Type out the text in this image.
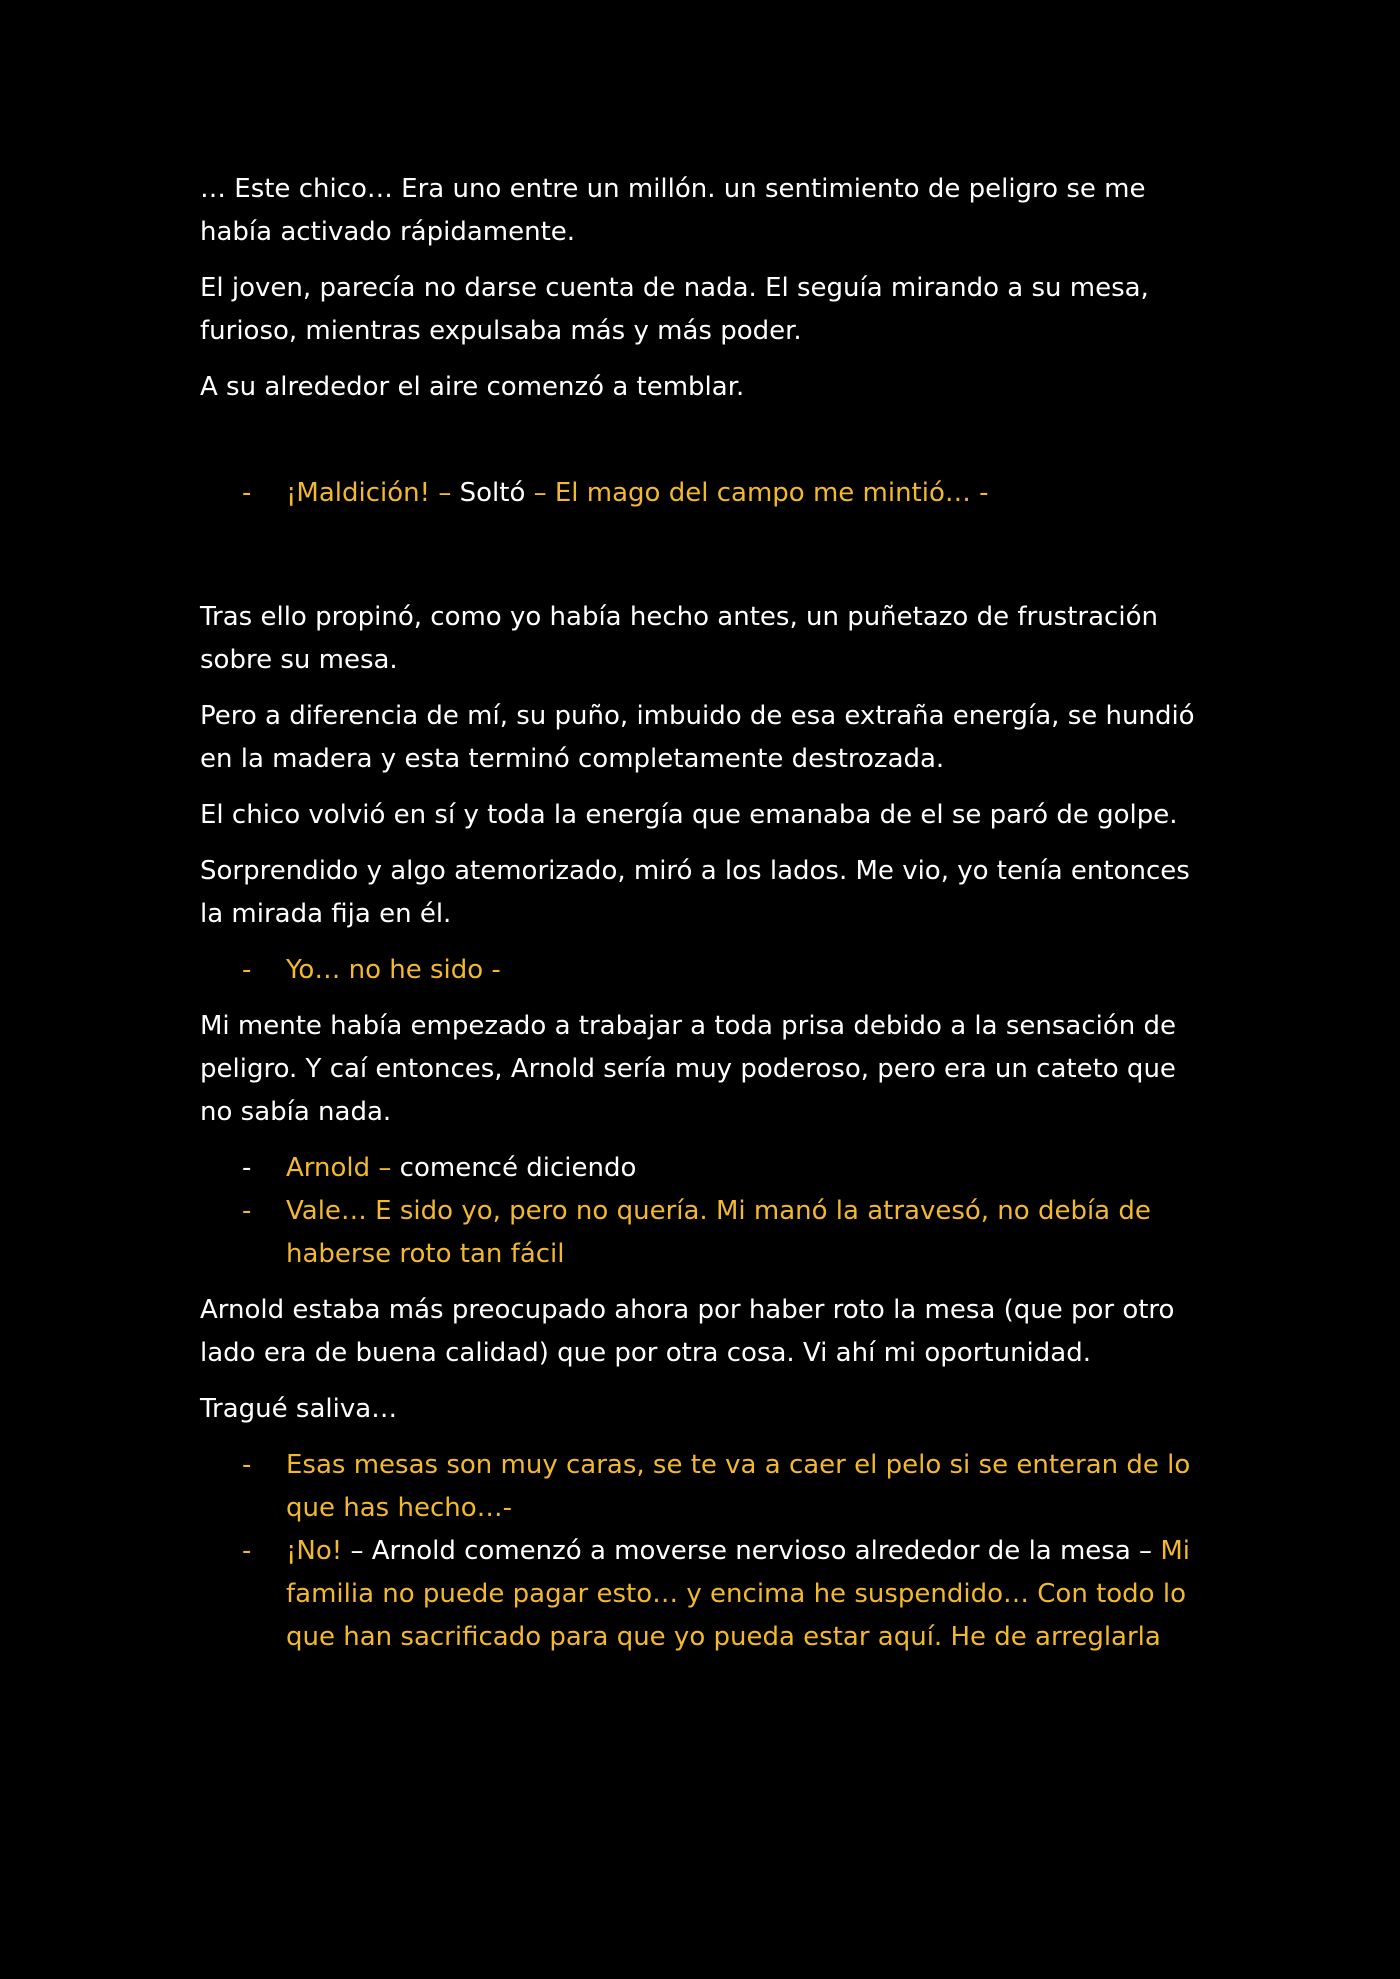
… Este chico… Era uno entre un millón. un sentimiento de peligro se me había activado rápidamente.

El joven, parecía no darse cuenta de nada. El seguía mirando a su mesa, furioso, mientras expulsaba más y más poder.

A su alrededor el aire comenzó a temblar.

- ¡Maldición! – Soltó – El mago del campo me mintió… -

Tras ello propinó, como yo había hecho antes, un puñetazo de frustración sobre su mesa.

Pero a diferencia de mí, su puño, imbuido de esa extraña energía, se hundió en la madera y esta terminó completamente destrozada.

El chico volvió en sí y toda la energía que emanaba de el se paró de golpe.

Sorprendido y algo atemorizado, miró a los lados. Me vio, yo tenía entonces la mirada fija en él.

- Yo… no he sido -

Mi mente había empezado a trabajar a toda prisa debido a la sensación de peligro. Y caí entonces, Arnold sería muy poderoso, pero era un cateto que no sabía nada.

- Arnold – comencé diciendo
- Vale… E sido yo, pero no quería. Mi manó la atravesó, no debía de haberse roto tan fácil

Arnold estaba más preocupado ahora por haber roto la mesa (que por otro lado era de buena calidad) que por otra cosa. Vi ahí mi oportunidad.

Tragué saliva…

- Esas mesas son muy caras, se te va a caer el pelo si se enteran de lo que has hecho…-
- ¡No! – Arnold comenzó a moverse nervioso alrededor de la mesa – Mi familia no puede pagar esto… y encima he suspendido… Con todo lo que han sacrificado para que yo pueda estar aquí. He de arreglarla
